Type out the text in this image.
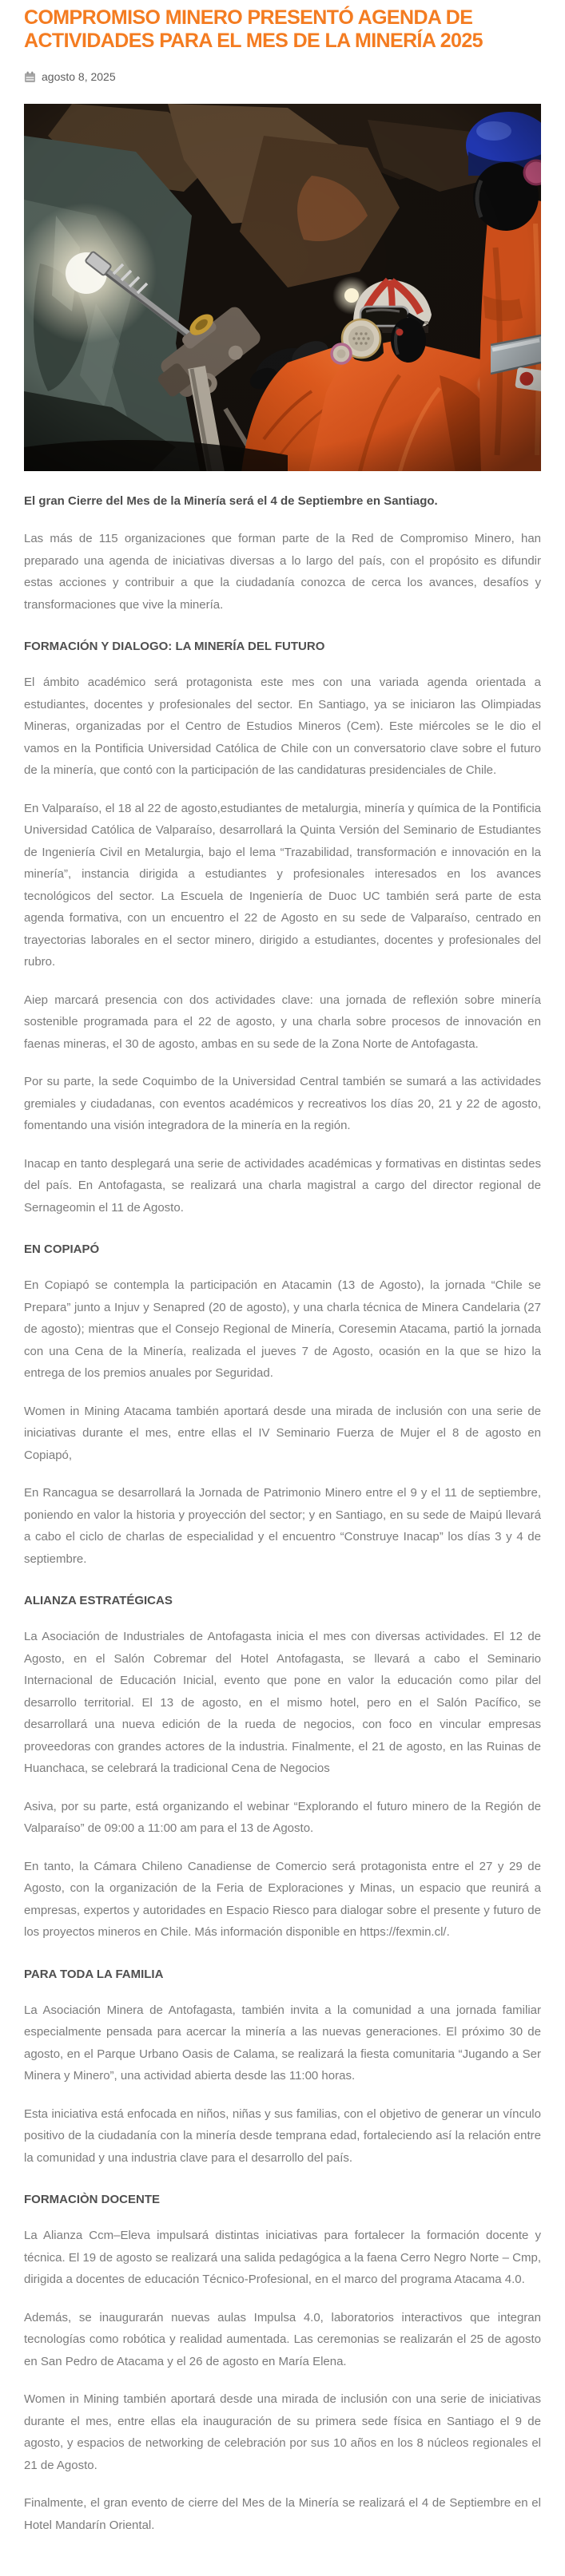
COMPROMISO MINERO PRESENTÓ AGENDA DE ACTIVIDADES PARA EL MES DE LA MINERÍA 2025
agosto 8, 2025

El gran Cierre del Mes de la Minería será el 4 de Septiembre en Santiago.

Las más de 115 organizaciones que forman parte de la Red de Compromiso Minero, han preparado una agenda de iniciativas diversas a lo largo del país, con el propósito es difundir estas acciones y contribuir a que la ciudadanía conozca de cerca los avances, desafíos y transformaciones que vive la minería.

FORMACIÓN Y DIALOGO: LA MINERÍA DEL FUTURO

El ámbito académico será protagonista este mes con una variada agenda orientada a estudiantes, docentes y profesionales del sector. En Santiago, ya se iniciaron las Olimpiadas Mineras, organizadas por el Centro de Estudios Mineros (Cem). Este miércoles se le dio el vamos en la Pontificia Universidad Católica de Chile con un conversatorio clave sobre el futuro de la minería, que contó con la participación de las candidaturas presidenciales de Chile.

En Valparaíso, el 18 al 22 de agosto,estudiantes de metalurgia, minería y química de la Pontificia Universidad Católica de Valparaíso, desarrollará la Quinta Versión del Seminario de Estudiantes de Ingeniería Civil en Metalurgia, bajo el lema “Trazabilidad, transformación e innovación en la minería”, instancia dirigida a estudiantes y profesionales interesados en los avances tecnológicos del sector. La Escuela de Ingeniería de Duoc UC también será parte de esta agenda formativa, con un encuentro el 22 de Agosto en su sede de Valparaíso, centrado en trayectorias laborales en el sector minero, dirigido a estudiantes, docentes y profesionales del rubro.

Aiep marcará presencia con dos actividades clave: una jornada de reflexión sobre minería sostenible programada para el 22 de agosto, y una charla sobre procesos de innovación en faenas mineras, el 30 de agosto, ambas en su sede de la Zona Norte de Antofagasta.

Por su parte, la sede Coquimbo de la Universidad Central también se sumará a las actividades gremiales y ciudadanas, con eventos académicos y recreativos los días 20, 21 y 22 de agosto, fomentando una visión integradora de la minería en la región.

Inacap en tanto desplegará una serie de actividades académicas y formativas en distintas sedes del país. En Antofagasta, se realizará una charla magistral a cargo del director regional de Sernageomin el 11 de Agosto.

EN COPIAPÓ

En Copiapó se contempla la participación en Atacamin (13 de Agosto), la jornada “Chile se Prepara” junto a Injuv y Senapred (20 de agosto), y una charla técnica de Minera Candelaria (27 de agosto); mientras que el Consejo Regional de Minería, Coresemin Atacama, partió la jornada con una Cena de la Minería, realizada el jueves 7 de Agosto, ocasión en la que se hizo la entrega de los premios anuales por Seguridad.

Women in Mining Atacama también aportará desde una mirada de inclusión con una serie de iniciativas durante el mes, entre ellas el IV Seminario Fuerza de Mujer el 8 de agosto en Copiapó,

En Rancagua se desarrollará la Jornada de Patrimonio Minero entre el 9 y el 11 de septiembre, poniendo en valor la historia y proyección del sector; y en Santiago, en su sede de Maipú llevará a cabo el ciclo de charlas de especialidad y el encuentro “Construye Inacap” los días 3 y 4 de septiembre.

ALIANZA ESTRATÉGICAS

La Asociación de Industriales de Antofagasta inicia el mes con diversas actividades. El 12 de Agosto, en el Salón Cobremar del Hotel Antofagasta, se llevará a cabo el Seminario Internacional de Educación Inicial, evento que pone en valor la educación como pilar del desarrollo territorial. El 13 de agosto, en el mismo hotel, pero en el Salón Pacífico, se desarrollará una nueva edición de la rueda de negocios, con foco en vincular empresas proveedoras con grandes actores de la industria. Finalmente, el 21 de agosto, en las Ruinas de Huanchaca, se celebrará la tradicional Cena de Negocios

Asiva, por su parte, está organizando el webinar “Explorando el futuro minero de la Región de Valparaíso” de 09:00 a 11:00 am para el 13 de Agosto.

En tanto, la Cámara Chileno Canadiense de Comercio será protagonista entre el 27 y 29 de Agosto, con la organización de la Feria de Exploraciones y Minas, un espacio que reunirá a empresas, expertos y autoridades en Espacio Riesco para dialogar sobre el presente y futuro de los proyectos mineros en Chile. Más información disponible en https://fexmin.cl/.

PARA TODA LA FAMILIA

La Asociación Minera de Antofagasta, también invita a la comunidad a una jornada familiar especialmente pensada para acercar la minería a las nuevas generaciones. El próximo 30 de agosto, en el Parque Urbano Oasis de Calama, se realizará la fiesta comunitaria “Jugando a Ser Minera y Minero”, una actividad abierta desde las 11:00 horas.

Esta iniciativa está enfocada en niños, niñas y sus familias, con el objetivo de generar un vínculo positivo de la ciudadanía con la minería desde temprana edad, fortaleciendo así la relación entre la comunidad y una industria clave para el desarrollo del país.

FORMACIÒN DOCENTE

La Alianza Ccm–Eleva impulsará distintas iniciativas para fortalecer la formación docente y técnica. El 19 de agosto se realizará una salida pedagógica a la faena Cerro Negro Norte – Cmp, dirigida a docentes de educación Técnico-Profesional, en el marco del programa Atacama 4.0.

Además, se inaugurarán nuevas aulas Impulsa 4.0, laboratorios interactivos que integran tecnologías como robótica y realidad aumentada. Las ceremonias se realizarán el 25 de agosto en San Pedro de Atacama y el 26 de agosto en María Elena.

Women in Mining también aportará desde una mirada de inclusión con una serie de iniciativas durante el mes, entre ellas ela inauguración de su primera sede física en Santiago el 9 de agosto, y espacios de networking de celebración por sus 10 años en los 8 núcleos regionales el 21 de Agosto.

Finalmente, el gran evento de cierre del Mes de la Minería se realizará el 4 de Septiembre en el Hotel Mandarín Oriental.
